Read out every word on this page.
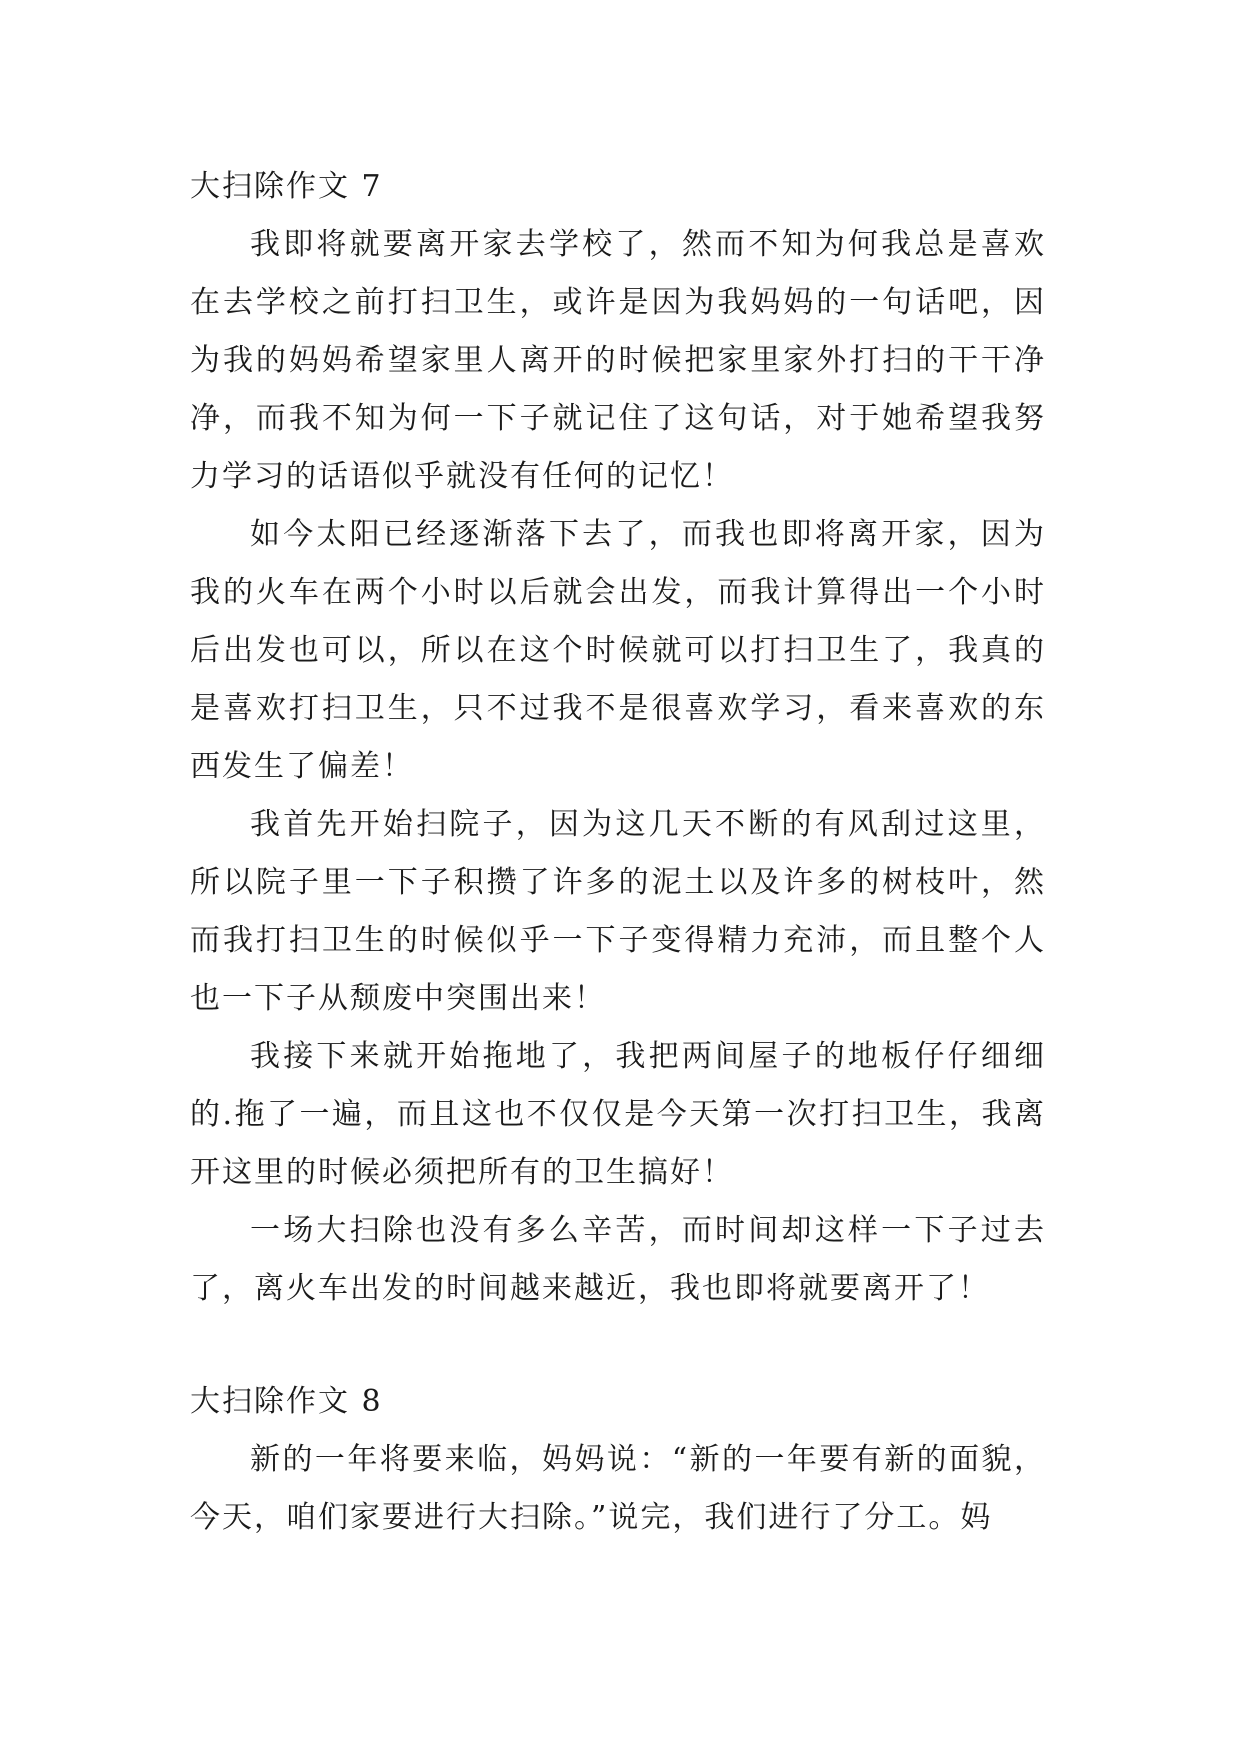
大扫除作文 7

我即将就要离开家去学校了，然而不知为何我总是喜欢在去学校之前打扫卫生，或许是因为我妈妈的一句话吧，因为我的妈妈希望家里人离开的时候把家里家外打扫的干干净净，而我不知为何一下子就记住了这句话，对于她希望我努力学习的话语似乎就没有任何的记忆！

如今太阳已经逐渐落下去了，而我也即将离开家，因为我的火车在两个小时以后就会出发，而我计算得出一个小时后出发也可以，所以在这个时候就可以打扫卫生了，我真的是喜欢打扫卫生，只不过我不是很喜欢学习，看来喜欢的东西发生了偏差！

我首先开始扫院子，因为这几天不断的有风刮过这里，所以院子里一下子积攒了许多的泥土以及许多的树枝叶，然而我打扫卫生的时候似乎一下子变得精力充沛，而且整个人也一下子从颓废中突围出来！

我接下来就开始拖地了，我把两间屋子的地板仔仔细细的.拖了一遍，而且这也不仅仅是今天第一次打扫卫生，我离开这里的时候必须把所有的卫生搞好！

一场大扫除也没有多么辛苦，而时间却这样一下子过去了，离火车出发的时间越来越近，我也即将就要离开了！

大扫除作文 8

新的一年将要来临，妈妈说：“新的一年要有新的面貌，今天，咱们家要进行大扫除。”说完，我们进行了分工。妈
